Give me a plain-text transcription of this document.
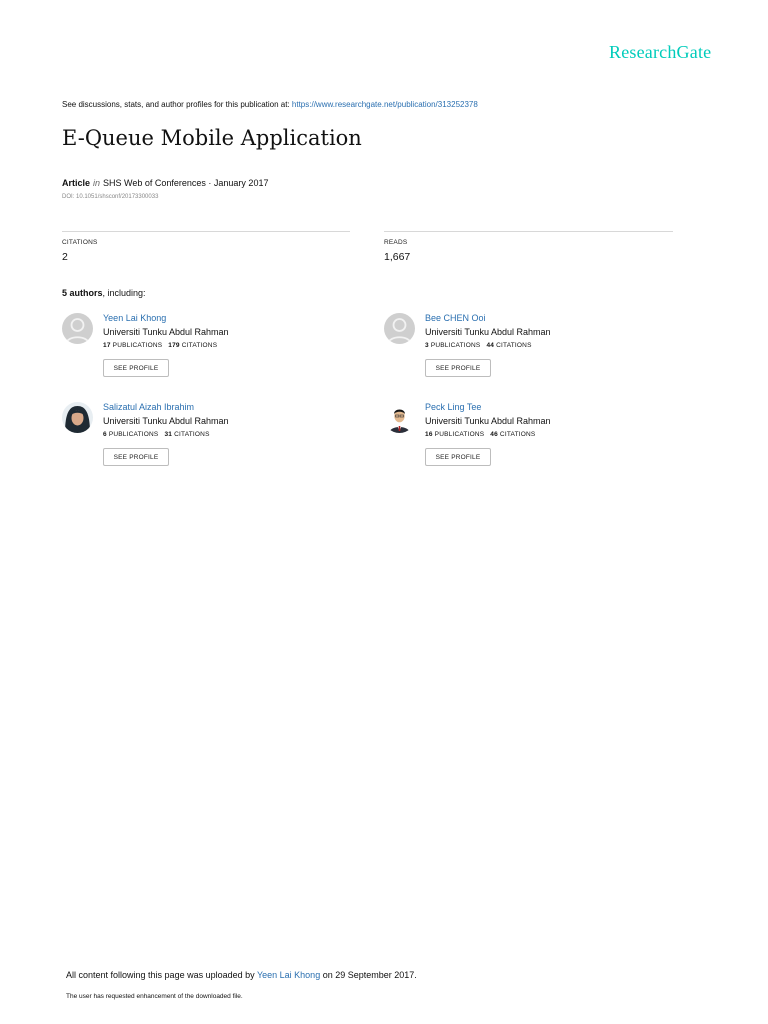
ResearchGate
See discussions, stats, and author profiles for this publication at: https://www.researchgate.net/publication/313252378
E-Queue Mobile Application
Article in SHS Web of Conferences · January 2017
DOI: 10.1051/shsconf/20173300033
CITATIONS
2
READS
1,667
5 authors, including:
Yeen Lai Khong
Universiti Tunku Abdul Rahman
17 PUBLICATIONS 179 CITATIONS
SEE PROFILE
Bee CHEN Ooi
Universiti Tunku Abdul Rahman
3 PUBLICATIONS 44 CITATIONS
SEE PROFILE
Salizatul Aizah Ibrahim
Universiti Tunku Abdul Rahman
6 PUBLICATIONS 31 CITATIONS
SEE PROFILE
Peck Ling Tee
Universiti Tunku Abdul Rahman
16 PUBLICATIONS 46 CITATIONS
SEE PROFILE
All content following this page was uploaded by Yeen Lai Khong on 29 September 2017.
The user has requested enhancement of the downloaded file.
